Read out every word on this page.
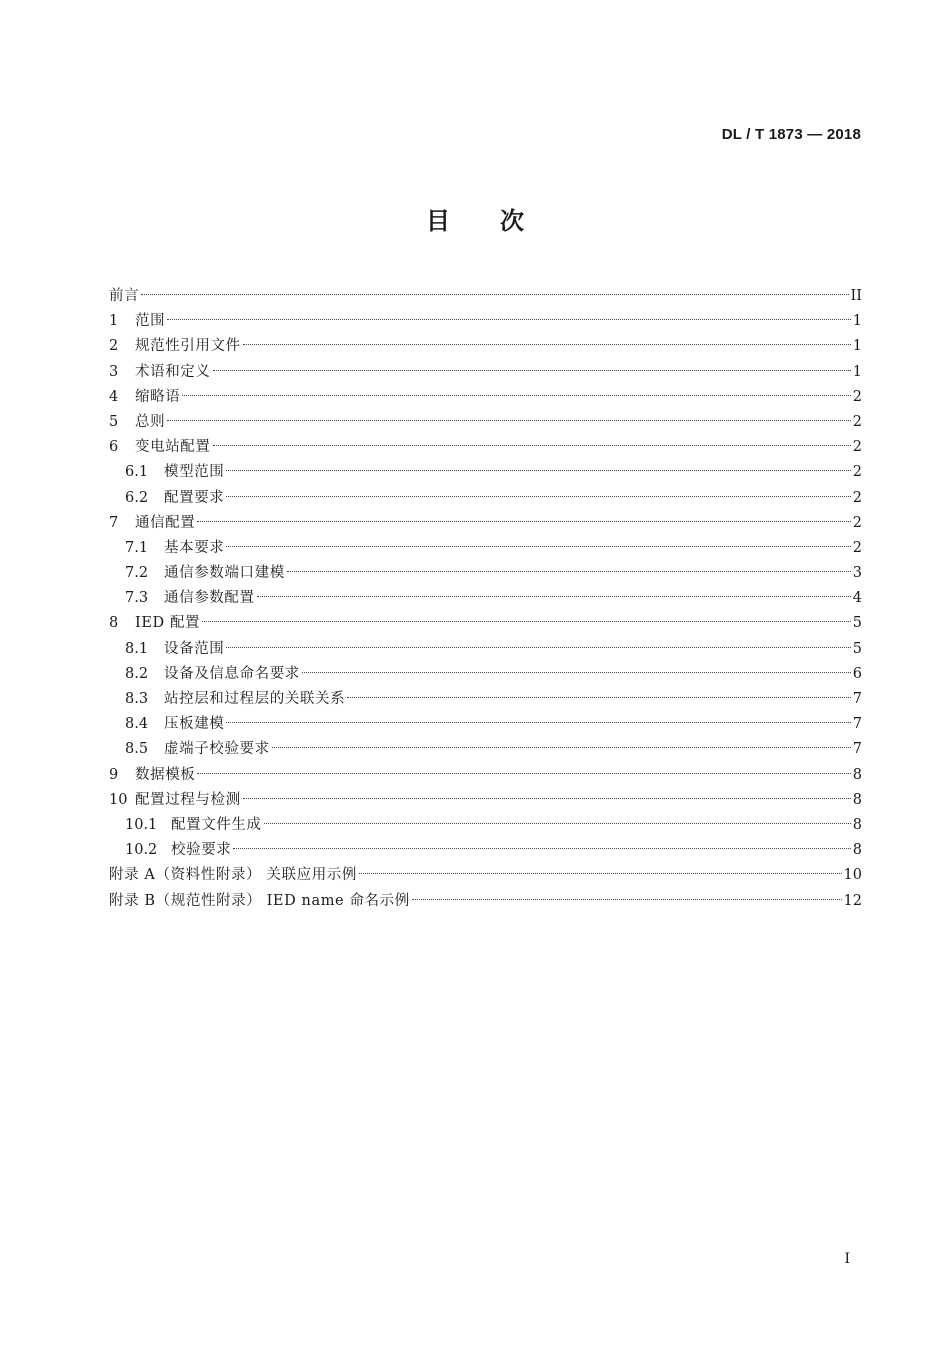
DL / T 1873 — 2018
目 次
前言	II
1	范围	1
2	规范性引用文件	1
3	术语和定义	1
4	缩略语	2
5	总则	2
6	变电站配置	2
6.1	模型范围	2
6.2	配置要求	2
7	通信配置	2
7.1	基本要求	2
7.2	通信参数端口建模	3
7.3	通信参数配置	4
8	IED 配置	5
8.1	设备范围	5
8.2	设备及信息命名要求	6
8.3	站控层和过程层的关联关系	7
8.4	压板建模	7
8.5	虚端子校验要求	7
9	数据模板	8
10 配置过程与检测	8
10.1 配置文件生成	8
10.2 校验要求	8
附录 A（资料性附录） 关联应用示例	10
附录 B（规范性附录） IED name 命名示例	12
I
